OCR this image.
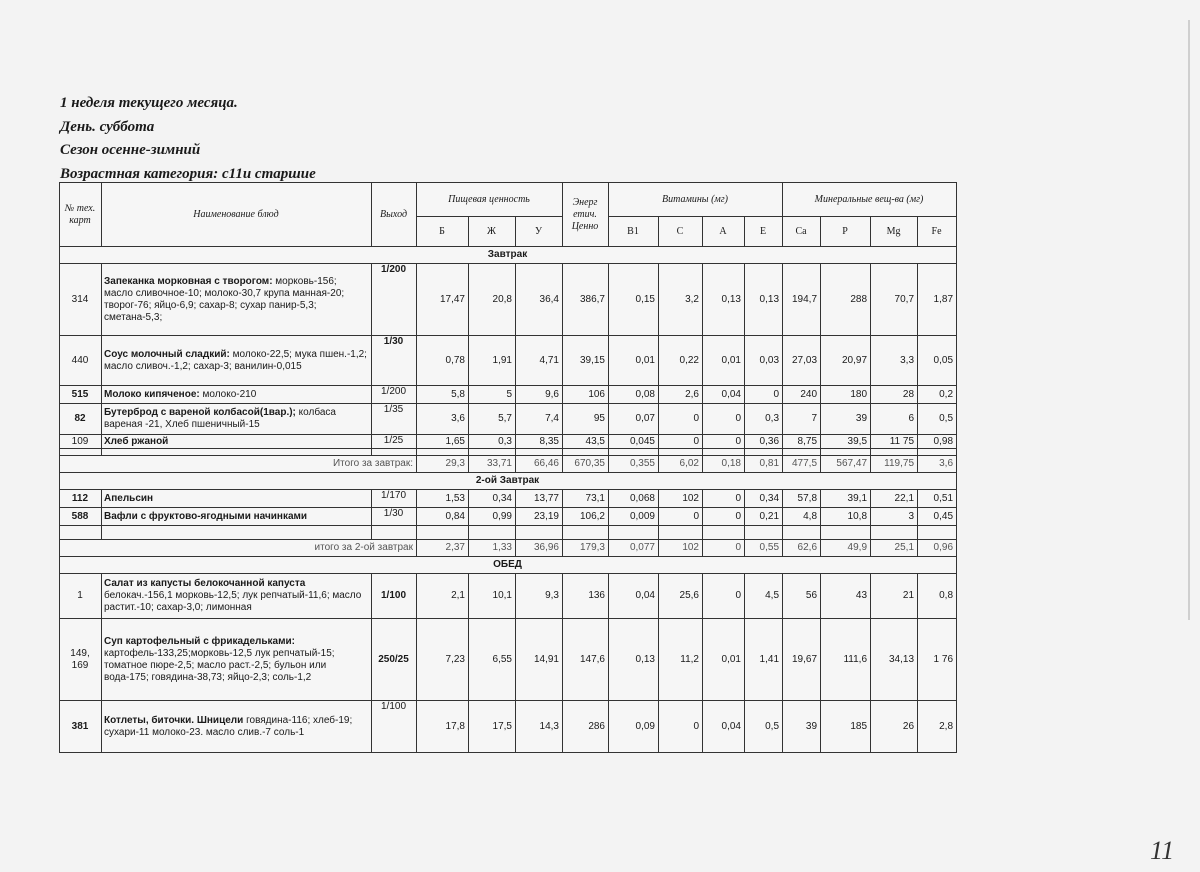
1 неделя текущего месяца.
День. суббота
Сезон осенне-зимний
Возрастная категория: с11и старшие
№ тех. карт	Наименование блюд	Выход	Пищевая ценность			Энерг етич. Ценно	Витамины (мг)				Минеральные вещ-ва (мг)			
			Б	Ж	У		В1	С	А	Е	Са	Р	Mg	Fe
Завтрак														
314	Запеканка морковная с творогом: морковь-156; масло сливочное-10; молоко-30,7 крупа манная-20; творог-76; яйцо-6,9; сахар-8; сухар панир-5,3; сметана-5,3;	1/200	17,47	20,8	36,4	386,7	0,15	3,2	0,13	0,13	194,7	288	70,7	1,87
440	Соус молочный сладкий: молоко-22,5; мука пшен.-1,2; масло сливоч.-1,2; сахар-3; ванилин-0,015	1/30	0,78	1,91	4,71	39,15	0,01	0,22	0,01	0,03	27,03	20,97	3,3	0,05
515	Молоко кипяченое: молоко-210	1/200	5,8	5	9,6	106	0,08	2,6	0,04	0	240	180	28	0,2
82	Бутерброд с вареной колбасой(1вар.); колбаса вареная -21, Хлеб пшеничный-15	1/35	3,6	5,7	7,4	95	0,07	0	0	0,3	7	39	6	0,5
109	Хлеб ржаной	1/25	1,65	0,3	8,35	43,5	0,045	0	0	0,36	8,75	39,5	11 75	0,98

Итого за завтрак:			29,3	33,71	66,46	670,35	0,355	6,02	0,18	0,81	477,5	567,47	119,75	3,6
2-ой Завтрак														
112	Апельсин	1/170	1,53	0,34	13,77	73,1	0,068	102	0	0,34	57,8	39,1	22,1	0,51
588	Вафли с фруктово-ягодными начинками	1/30	0,84	0,99	23,19	106,2	0,009	0	0	0,21	4,8	10,8	3	0,45

итого за 2-ой завтрак			2,37	1,33	36,96	179,3	0,077	102	0	0,55	62,6	49,9	25,1	0,96
ОБЕД														
1	Салат из капусты белокочанной капуста белокач.-156,1 морковь-12,5; лук репчатый-11,6; масло растит.-10; сахар-3,0; лимонная	1/100	2,1	10,1	9,3	136	0,04	25,6	0	4,5	56	43	21	0,8
149, 169	Суп картофельный с фрикадельками: картофель-133,25;морковь-12,5 лук репчатый-15; томатное пюре-2,5; масло раст.-2,5; бульон или вода-175; говядина-38,73; яйцо-2,3; соль-1,2	250/25	7,23	6,55	14,91	147,6	0,13	11,2	0,01	1,41	19,67	111,6	34,13	1 76
381	Котлеты, биточки. Шницели говядина-116; хлеб-19; сухари-11 молоко-23. масло слив.-7 соль-1	1/100	17,8	17,5	14,3	286	0,09	0	0,04	0,5	39	185	26	2,8
11
